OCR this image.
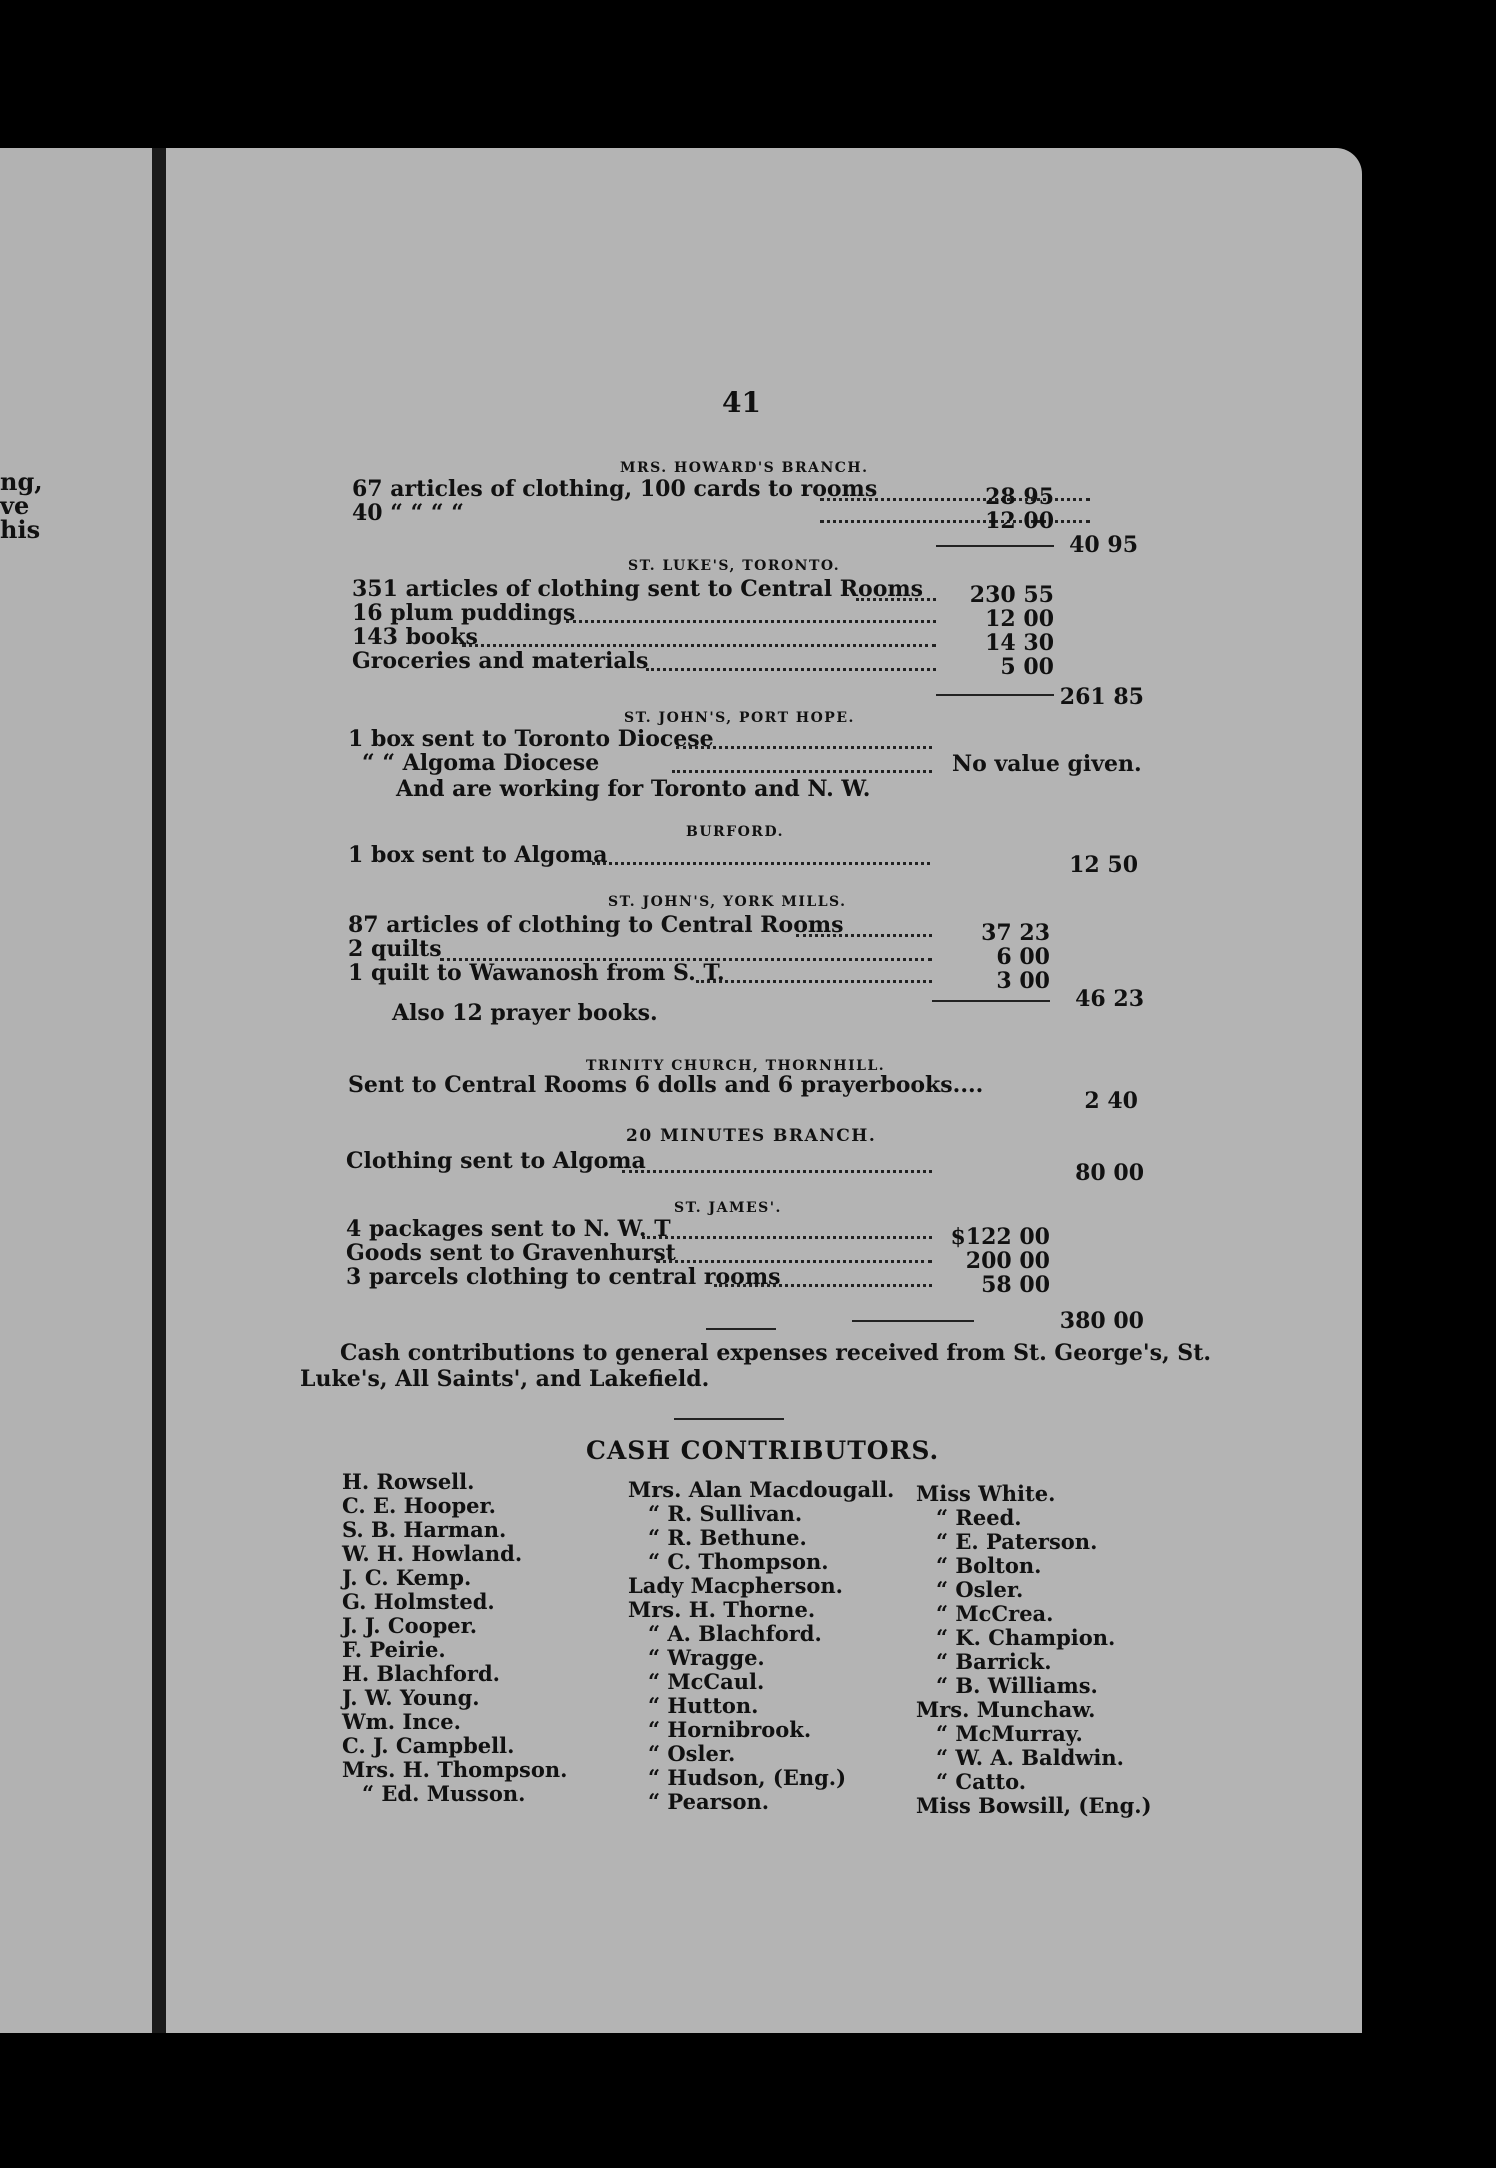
ng,
ve
his
41
MRS. HOWARD'S BRANCH.
67 articles of clothing, 100 cards to rooms	28 95
40 “ “ “ “	12 00
40 95
ST. LUKE'S, TORONTO.
351 articles of clothing sent to Central Rooms	230 55
16 plum puddings	12 00
143 books	14 30
Groceries and materials	5 00
261 85
ST. JOHN'S, PORT HOPE.
1 box sent to Toronto Diocese
“ “ Algoma Diocese	No value given.
And are working for Toronto and N. W.
BURFORD.
1 box sent to Algoma	12 50
ST. JOHN'S, YORK MILLS.
87 articles of clothing to Central Rooms	37 23
2 quilts	6 00
1 quilt to Wawanosh from S. T.	3 00
46 23
Also 12 prayer books.
TRINITY CHURCH, THORNHILL.
Sent to Central Rooms 6 dolls and 6 prayerbooks....
2 40
20 MINUTES BRANCH.
Clothing sent to Algoma	80 00
ST. JAMES'.
4 packages sent to N. W. T	$122 00
Goods sent to Gravenhurst	200 00
3 parcels clothing to central rooms	58 00
380 00
Cash contributions to general expenses received from St. George's, St.
Luke's, All Saints', and Lakefield.
CASH CONTRIBUTORS.
H. Rowsell.
C. E. Hooper.
S. B. Harman.
W. H. Howland.
J. C. Kemp.
G. Holmsted.
J. J. Cooper.
F. Peirie.
H. Blachford.
J. W. Young.
Wm. Ince.
C. J. Campbell.
Mrs. H. Thompson.
“ Ed. Musson.
Mrs. Alan Macdougall.
“ R. Sullivan.
“ R. Bethune.
“ C. Thompson.
Lady Macpherson.
Mrs. H. Thorne.
“ A. Blachford.
“ Wragge.
“ McCaul.
“ Hutton.
“ Hornibrook.
“ Osler.
“ Hudson, (Eng.)
“ Pearson.
Miss White.
“ Reed.
“ E. Paterson.
“ Bolton.
“ Osler.
“ McCrea.
“ K. Champion.
“ Barrick.
“ B. Williams.
Mrs. Munchaw.
“ McMurray.
“ W. A. Baldwin.
“ Catto.
Miss Bowsill, (Eng.)
